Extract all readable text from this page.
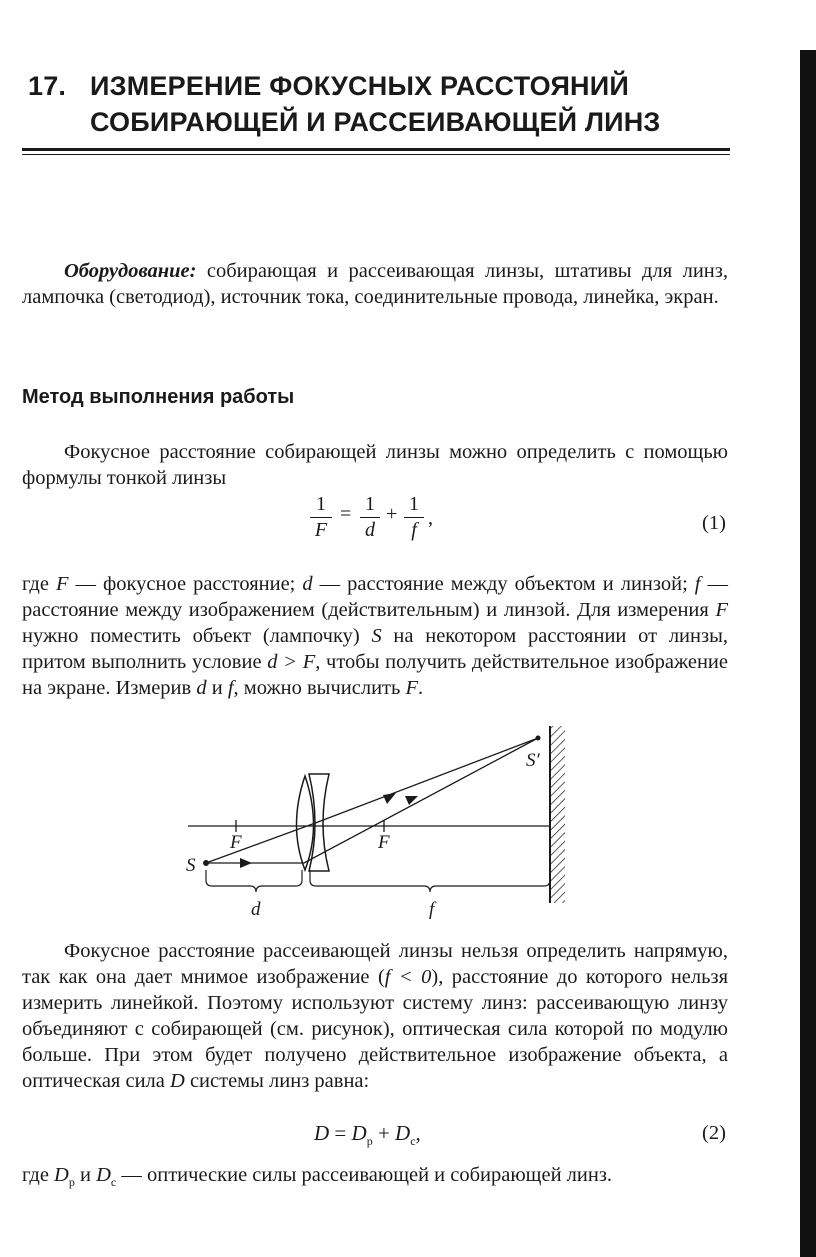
17. ИЗМЕРЕНИЕ ФОКУСНЫХ РАССТОЯНИЙ
СОБИРАЮЩЕЙ И РАССЕИВАЮЩЕЙ ЛИНЗ

Оборудование: собирающая и рассеивающая линзы, штативы для линз, лампочка (светодиод), источник тока, соединительные провода, линейка, экран.

Метод выполнения работы

Фокусное расстояние собирающей линзы можно определить с помощью формулы тонкой линзы

1
F
= 1
d
+ 1
f
,	(1)

где F — фокусное расстояние; d — расстояние между объектом и линзой; f — расстояние между изображением (действительным) и линзой. Для измерения F нужно поместить объект (лампочку) S на некотором расстоянии от линзы, притом выполнить условие d > F, чтобы получить действительное изображение на экране. Измерив d и f, можно вычислить F.

S
S′
F	F
d	f

Фокусное расстояние рассеивающей линзы нельзя определить напрямую, так как она дает мнимое изображение (f < 0), расстояние до которого нельзя измерить линейкой. Поэтому используют систему линз: рассеивающую линзу объединяют с собирающей (см. рисунок), оптическая сила которой по модулю больше. При этом будет получено действительное изображение объекта, а оптическая сила D системы линз равна:

$D = D_р + D_с$,	(2)

где $D_р$ и $D_с$ — оптические силы рассеивающей и собирающей линз.
